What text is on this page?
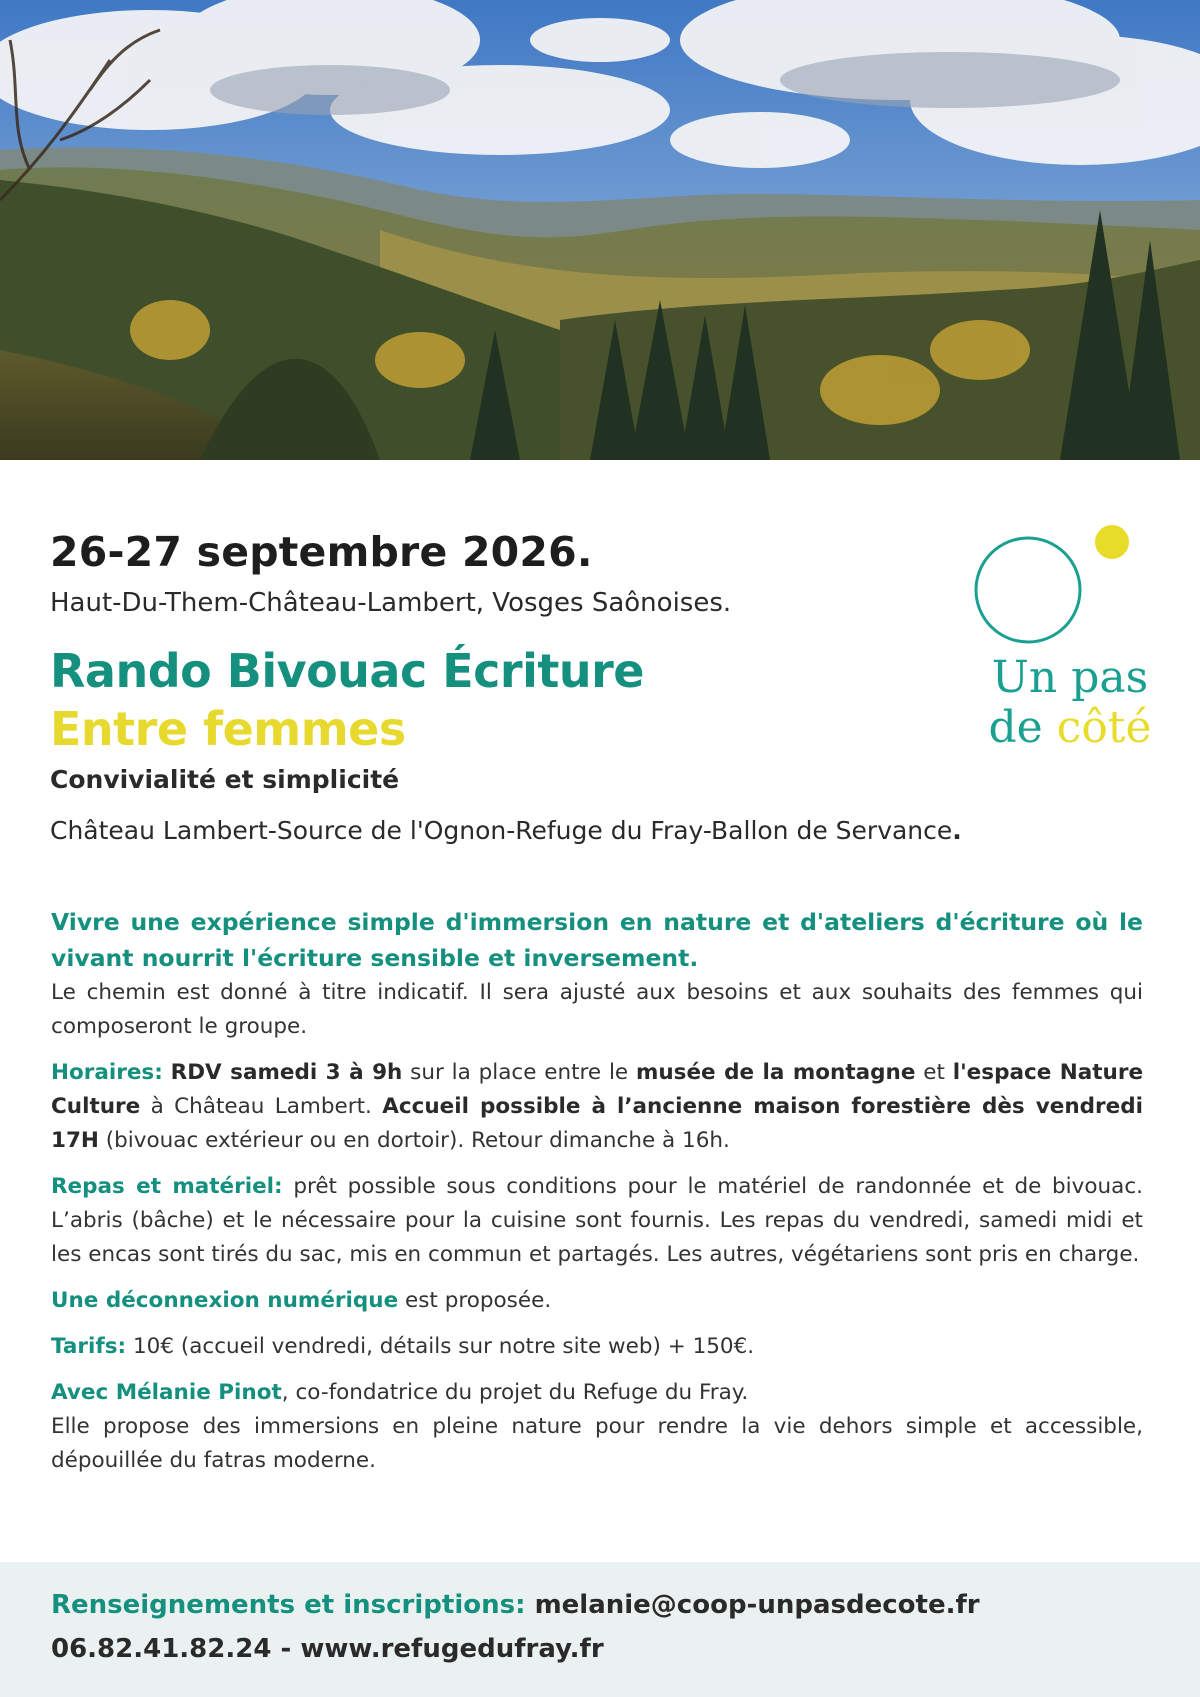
26-27 septembre 2026.
Haut-Du-Them-Château-Lambert, Vosges Saônoises.
Rando Bivouac Écriture
Entre femmes
Convivialité et simplicité
Château Lambert-Source de l'Ognon-Refuge du Fray-Ballon de Servance.
Un pas
de côté

Vivre une expérience simple d'immersion en nature et d'ateliers d'écriture où le vivant nourrit l'écriture sensible et inversement.

Le chemin est donné à titre indicatif. Il sera ajusté aux besoins et aux souhaits des femmes qui composeront le groupe.

Horaires: RDV samedi 3 à 9h sur la place entre le musée de la montagne et l'espace Nature Culture à Château Lambert. Accueil possible à l’ancienne maison forestière dès vendredi 17H (bivouac extérieur ou en dortoir). Retour dimanche à 16h.

Repas et matériel: prêt possible sous conditions pour le matériel de randonnée et de bivouac. L’abris (bâche) et le nécessaire pour la cuisine sont fournis. Les repas du vendredi, samedi midi et les encas sont tirés du sac, mis en commun et partagés. Les autres, végétariens sont pris en charge.

Une déconnexion numérique est proposée.

Tarifs: 10€ (accueil vendredi, détails sur notre site web) + 150€.

Avec Mélanie Pinot, co-fondatrice du projet du Refuge du Fray.

Elle propose des immersions en pleine nature pour rendre la vie dehors simple et accessible, dépouillée du fatras moderne.

Renseignements et inscriptions: melanie@coop-unpasdecote.fr
06.82.41.82.24 - www.refugedufray.fr
